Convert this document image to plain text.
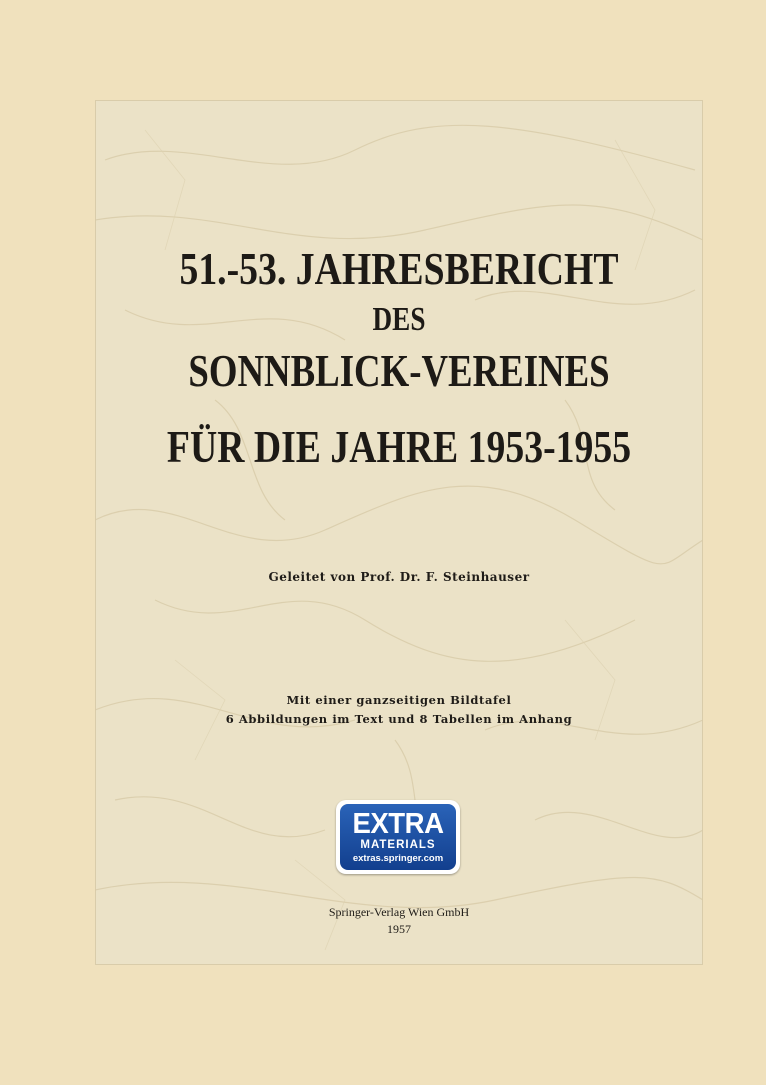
51.-53. JAHRESBERICHT
DES
SONNBLICK-VEREINES
FÜR DIE JAHRE 1953-1955
Geleitet von Prof. Dr. F. Steinhauser
Mit einer ganzseitigen Bildtafel
6 Abbildungen im Text und 8 Tabellen im Anhang
EXTRA
MATERIALS
extras.springer.com
Springer-Verlag Wien GmbH
1957
